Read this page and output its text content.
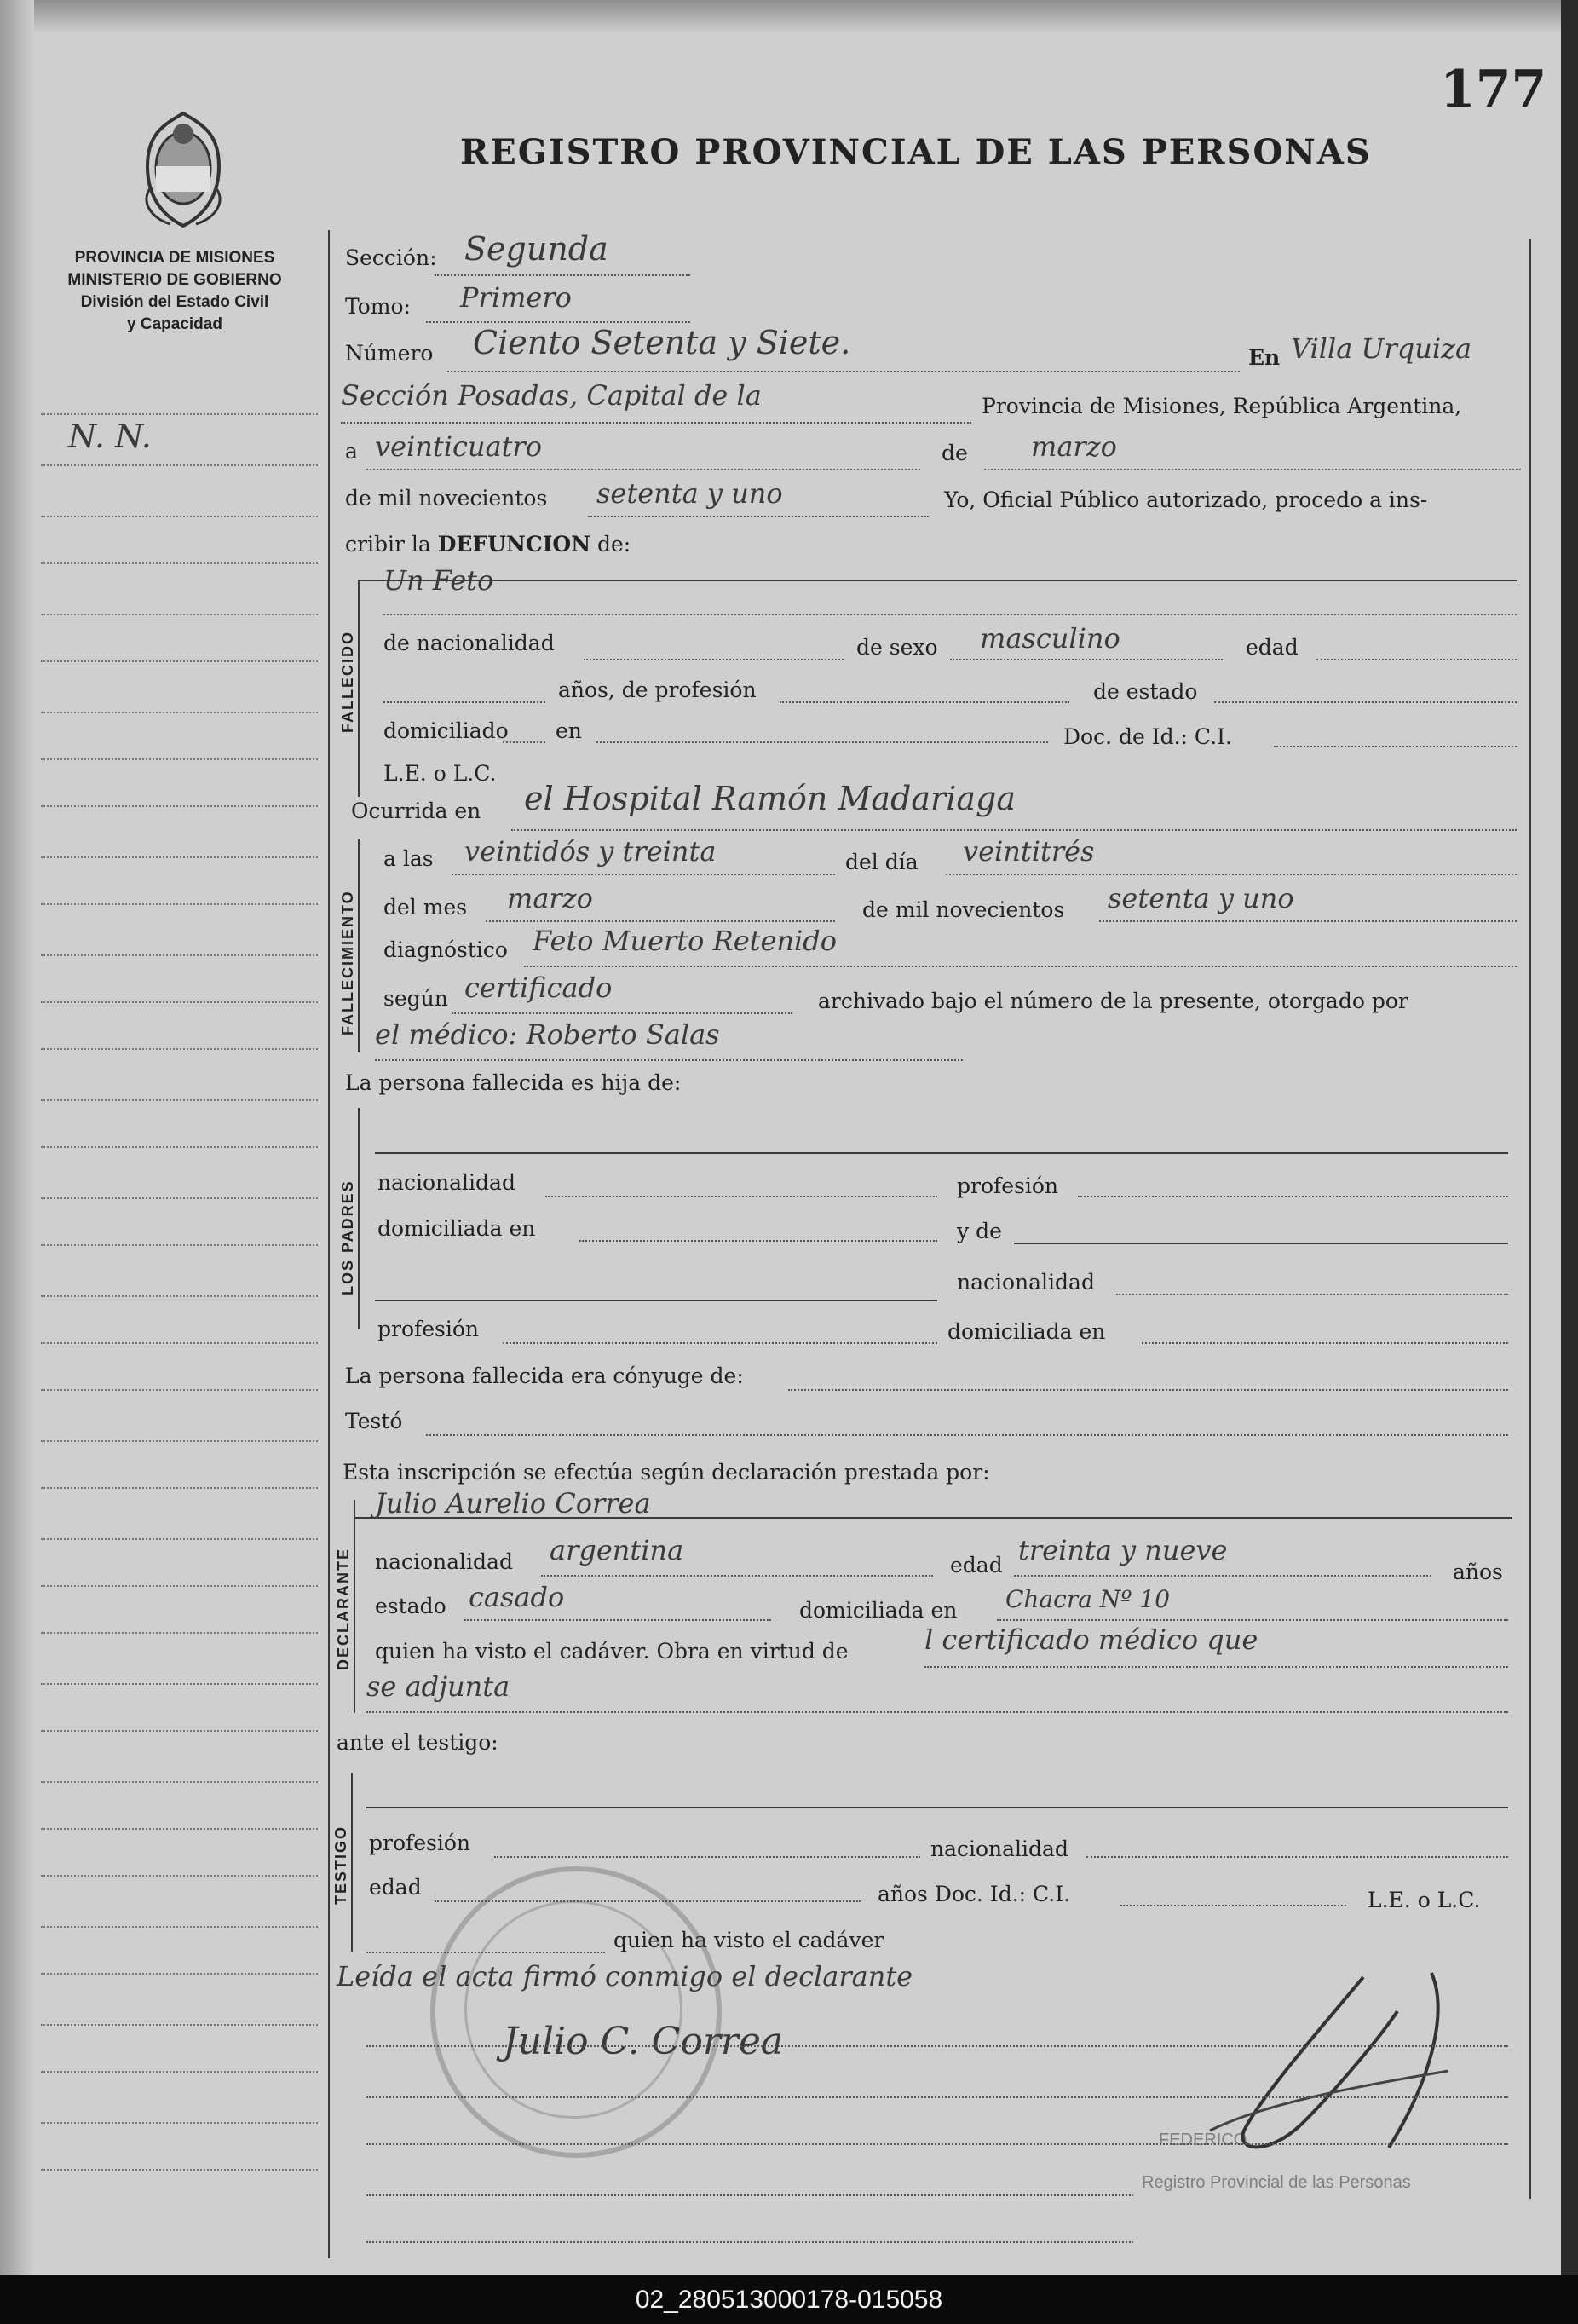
177
REGISTRO PROVINCIAL DE LAS PERSONAS
PROVINCIA DE MISIONES
MINISTERIO DE GOBIERNO
División del Estado Civil
y Capacidad
N. N.
Sección: Segunda
Tomo: Primero
Número Ciento Setenta y Siete.	En Villa Urquiza
Sección Posadas, Capital de la	Provincia de Misiones, República Argentina,
a veinticuatro	de marzo
de mil novecientos setenta y uno	Yo, Oficial Público autorizado, procedo a ins-
cribir la DEFUNCION de:
FALLECIDO
Un Feto
de nacionalidad	de sexo masculino	edad
años, de profesión	de estado
domiciliado en	Doc. de Id.: C.I.
L.E. o L.C.
Ocurrida en el Hospital Ramón Madariaga
FALLECIMIENTO
a las veintidós y treinta	del día veintitrés
del mes marzo	de mil novecientos setenta y uno
diagnóstico Feto Muerto Retenido
según certificado	archivado bajo el número de la presente, otorgado por
el médico: Roberto Salas
La persona fallecida es hija de:
LOS PADRES nacionalidad	profesión
domiciliada en	y de
nacionalidad
profesión	domiciliada en
La persona fallecida era cónyuge de:
Testó
Esta inscripción se efectúa según declaración prestada por:
DECLARANTE
Julio Aurelio Correa
nacionalidad argentina	edad treinta y nueve
años
estado casado	domiciliada en Chacra Nº 10
quien ha visto el cadáver. Obra en virtud de	l certificado médico que
se adjunta
ante el testigo:
TESTIGO profesión	nacionalidad
edad	años Doc. Id.: C.I.	L.E. o L.C.
quien ha visto el cadáver
Leída el acta firmó conmigo el declarante
Julio C. Correa
FEDERICO
Registro Provincial de las Personas
02_280513000178-015058
